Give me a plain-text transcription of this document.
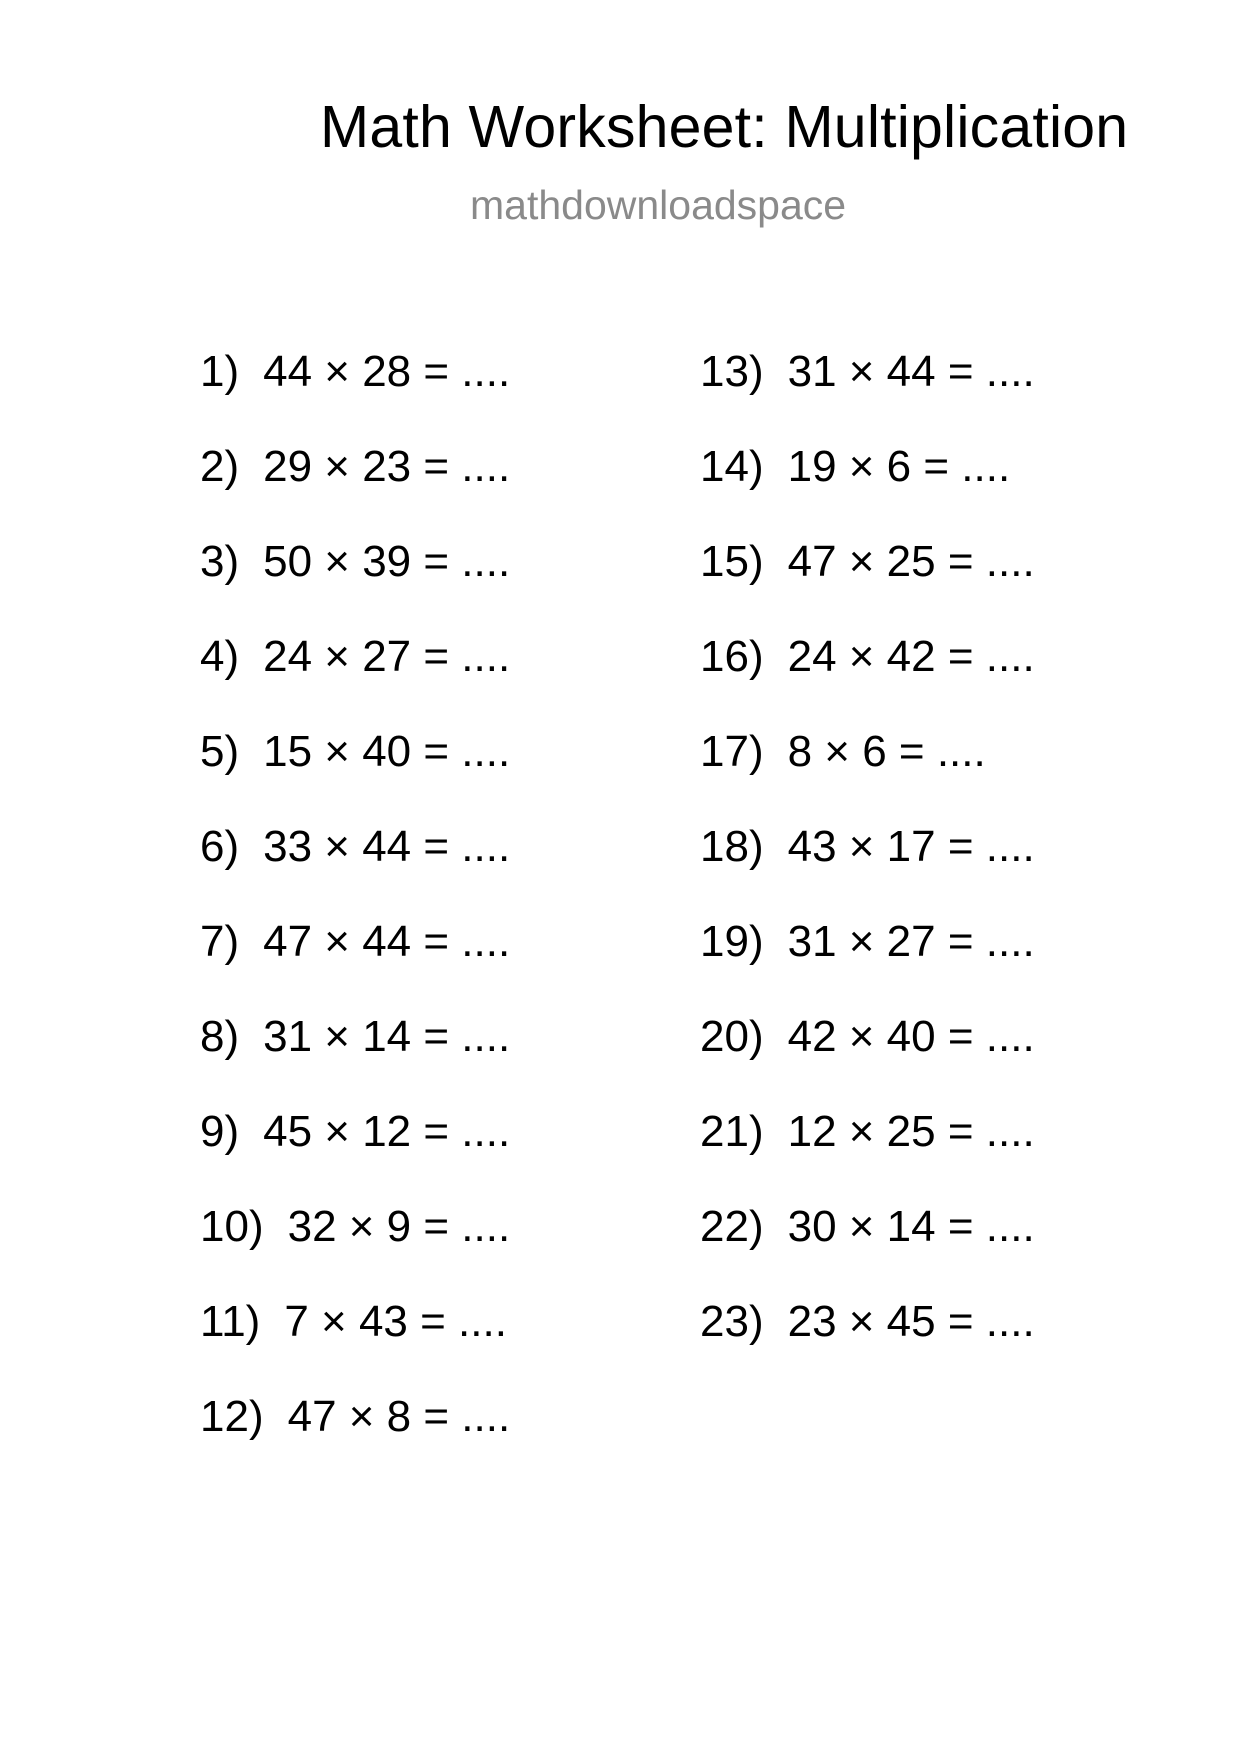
Math Worksheet: Multiplication
mathdownloadspace
1) 44 × 28 = ....
2) 29 × 23 = ....
3) 50 × 39 = ....
4) 24 × 27 = ....
5) 15 × 40 = ....
6) 33 × 44 = ....
7) 47 × 44 = ....
8) 31 × 14 = ....
9) 45 × 12 = ....
10) 32 × 9 = ....
11) 7 × 43 = ....
12) 47 × 8 = ....
13) 31 × 44 = ....
14) 19 × 6 = ....
15) 47 × 25 = ....
16) 24 × 42 = ....
17) 8 × 6 = ....
18) 43 × 17 = ....
19) 31 × 27 = ....
20) 42 × 40 = ....
21) 12 × 25 = ....
22) 30 × 14 = ....
23) 23 × 45 = ....
